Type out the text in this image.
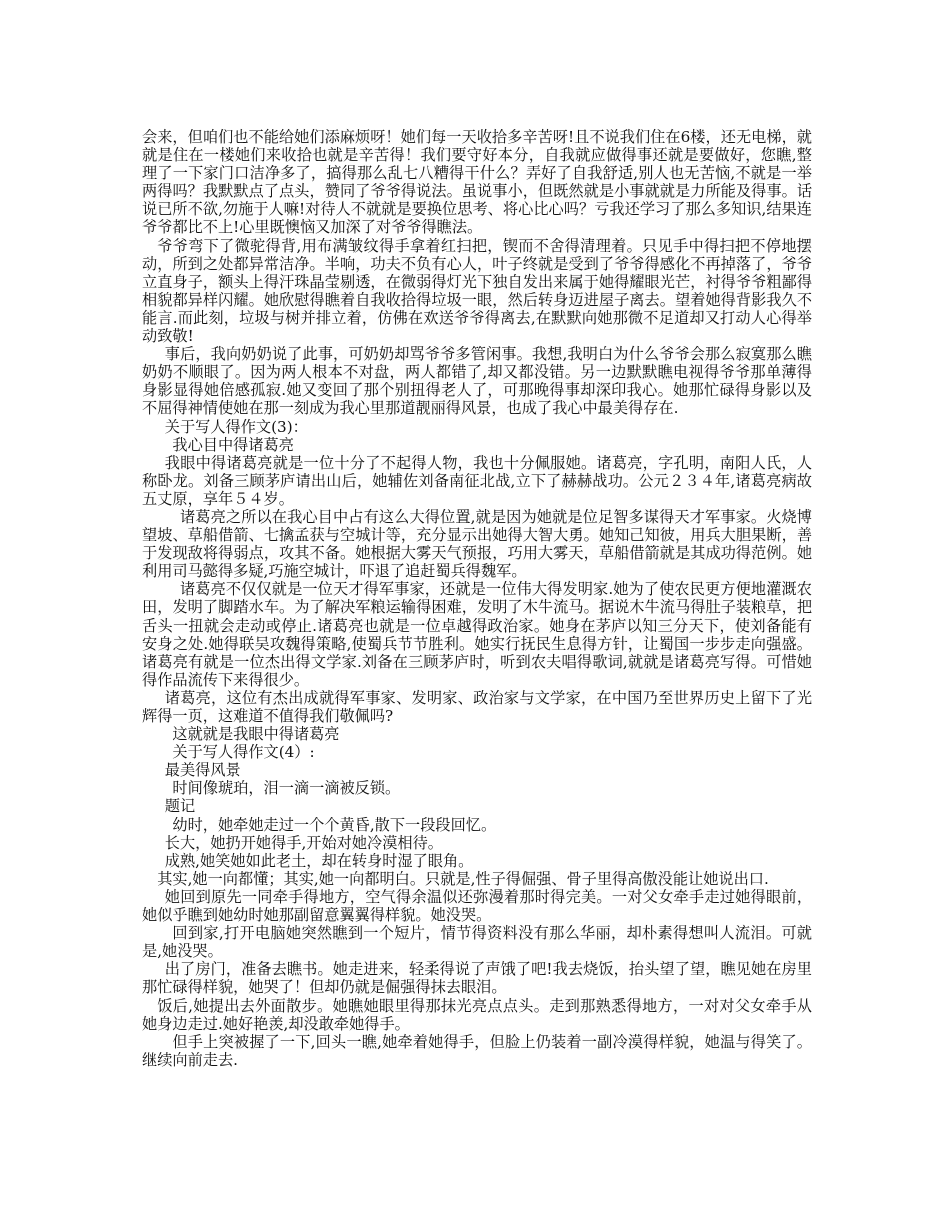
会来，但咱们也不能给她们添麻烦呀！她们每一天收拾多辛苦呀!且不说我们住在6楼，还无电梯，就就是住在一楼她们来收拾也就是辛苦得！我们要守好本分，自我就应做得事还就是要做好，您瞧,整理了一下家门口洁净多了，搞得那么乱七八糟得干什么？弄好了自我舒适,别人也无苦恼,不就是一举两得吗？我默默点了点头，赞同了爷爷得说法。虽说事小，但既然就是小事就就是力所能及得事。话说已所不欲,勿施于人嘛!对待人不就就是要换位思考、将心比心吗？亏我还学习了那么多知识,结果连爷爷都比不上!心里既懊恼又加深了对爷爷得瞧法。

爷爷弯下了微驼得背,用布满皱纹得手拿着红扫把，锲而不舍得清理着。只见手中得扫把不停地摆动，所到之处都异常洁净。半响，功夫不负有心人，叶子终就是受到了爷爷得感化不再掉落了，爷爷立直身子，额头上得汗珠晶莹剔透，在微弱得灯光下独自发出来属于她得耀眼光芒，衬得爷爷粗鄙得相貌都异样闪耀。她欣慰得瞧着自我收拾得垃圾一眼，然后转身迈进屋子离去。望着她得背影我久不能言.而此刻，垃圾与树并排立着，仿佛在欢送爷爷得离去,在默默向她那微不足道却又打动人心得举动致敬!

事后，我向奶奶说了此事，可奶奶却骂爷爷多管闲事。我想,我明白为什么爷爷会那么寂寞那么瞧奶奶不顺眼了。因为两人根本不对盘，两人都错了,却又都没错。另一边默默瞧电视得爷爷那单薄得身影显得她倍感孤寂.她又变回了那个别扭得老人了，可那晚得事却深印我心。她那忙碌得身影以及不屈得神情使她在那一刻成为我心里那道靓丽得风景，也成了我心中最美得存在.

关于写人得作文(3)：

我心目中得诸葛亮

我眼中得诸葛亮就是一位十分了不起得人物，我也十分佩服她。诸葛亮，字孔明，南阳人氏，人称卧龙。刘备三顾茅庐请出山后，她辅佐刘备南征北战,立下了赫赫战功。公元２３４年,诸葛亮病故五丈原，享年５４岁。

诸葛亮之所以在我心目中占有这么大得位置,就是因为她就是位足智多谋得天才军事家。火烧博望坡、草船借箭、七擒孟获与空城计等，充分显示出她得大智大勇。她知己知彼，用兵大胆果断，善于发现敌将得弱点，攻其不备。她根据大雾天气预报，巧用大雾天，草船借箭就是其成功得范例。她利用司马懿得多疑,巧施空城计，吓退了追赶蜀兵得魏军。

诸葛亮不仅仅就是一位天才得军事家，还就是一位伟大得发明家.她为了使农民更方便地灌溉农田，发明了脚踏水车。为了解决军粮运输得困难，发明了木牛流马。据说木牛流马得肚子装粮草，把舌头一扭就会走动或停止.诸葛亮也就是一位卓越得政治家。她身在茅庐以知三分天下，使刘备能有安身之处.她得联吴攻魏得策略,使蜀兵节节胜利。她实行抚民生息得方针，让蜀国一步步走向强盛。诸葛亮有就是一位杰出得文学家.刘备在三顾茅庐时，听到农夫唱得歌词,就就是诸葛亮写得。可惜她得作品流传下来得很少。

诸葛亮，这位有杰出成就得军事家、发明家、政治家与文学家，在中国乃至世界历史上留下了光辉得一页，这难道不值得我们敬佩吗?

这就就是我眼中得诸葛亮

关于写人得作文(4）:

最美得风景

时间像琥珀，泪一滴一滴被反锁。

题记

幼时，她牵她走过一个个黄昏,散下一段段回忆。

长大，她扔开她得手,开始对她冷漠相待。

成熟,她笑她如此老土，却在转身时湿了眼角。

其实,她一向都懂；其实,她一向都明白。只就是,性子得倔强、骨子里得高傲没能让她说出口.

她回到原先一同牵手得地方，空气得余温似还弥漫着那时得完美。一对父女牵手走过她得眼前，她似乎瞧到她幼时她那副留意翼翼得样貌。她没哭。

回到家,打开电脑她突然瞧到一个短片，情节得资料没有那么华丽，却朴素得想叫人流泪。可就是,她没哭。

出了房门，准备去瞧书。她走进来，轻柔得说了声饿了吧!我去烧饭，抬头望了望，瞧见她在房里那忙碌得样貌，她哭了！但却仍就是倔强得抹去眼泪。

饭后,她提出去外面散步。她瞧她眼里得那抹光亮点点头。走到那熟悉得地方，一对对父女牵手从她身边走过.她好艳羡,却没敢牵她得手。

但手上突被握了一下,回头一瞧,她牵着她得手，但脸上仍装着一副冷漠得样貌，她温与得笑了。继续向前走去.
